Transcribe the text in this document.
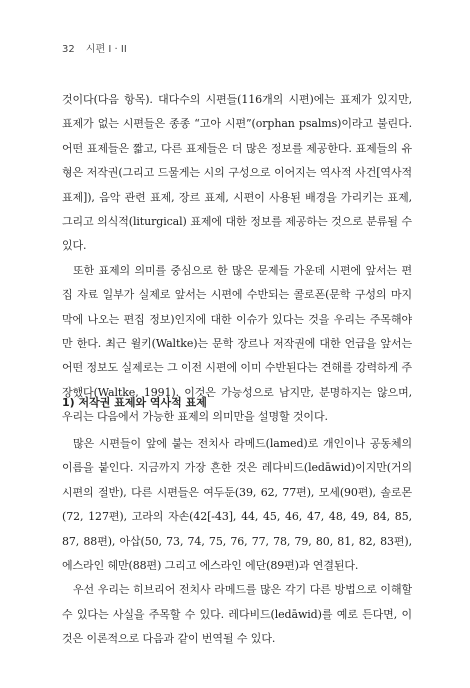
32 시편 I · II

것이다(다음 항목). 대다수의 시편들(116개의 시편)에는 표제가 있지만, 표제가 없는 시편들은 종종 “고아 시편”(orphan psalms)이라고 불린다. 어떤 표제들은 짧고, 다른 표제들은 더 많은 정보를 제공한다. 표제들의 유형은 저작권(그리고 드물게는 시의 구성으로 이어지는 역사적 사건[역사적 표제]), 음악 관련 표제, 장르 표제, 시편이 사용된 배경을 가리키는 표제, 그리고 의식적(liturgical) 표제에 대한 정보를 제공하는 것으로 분류될 수 있다.

또한 표제의 의미를 중심으로 한 많은 문제들 가운데 시편에 앞서는 편집 자료 일부가 실제로 앞서는 시편에 수반되는 콜로폰(문학 구성의 마지막에 나오는 편집 정보)인지에 대한 이슈가 있다는 것을 우리는 주목해야만 한다. 최근 윌키(Waltke)는 문학 장르나 저작권에 대한 언급을 앞서는 어떤 정보도 실제로는 그 이전 시편에 이미 수반된다는 견해를 강력하게 주장했다(Waltke, 1991). 이것은 가능성으로 남지만, 분명하지는 않으며, 우리는 다음에서 가능한 표제의 의미만을 설명할 것이다.

1) 저작권 표제와 역사적 표제

많은 시편들이 앞에 붙는 전치사 라메드(lamed)로 개인이나 공동체의 이름을 붙인다. 지금까지 가장 흔한 것은 레다비드(ledāwid)이지만(거의 시편의 절반), 다른 시편들은 여두둔(39, 62, 77편), 모세(90편), 솔로몬(72, 127편), 고라의 자손(42[-43], 44, 45, 46, 47, 48, 49, 84, 85, 87, 88편), 아삽(50, 73, 74, 75, 76, 77, 78, 79, 80, 81, 82, 83편), 에스라인 헤만(88편) 그리고 에스라인 에단(89편)과 연결된다.

우선 우리는 히브리어 전치사 라메드를 많은 각기 다른 방법으로 이해할 수 있다는 사실을 주목할 수 있다. 레다비드(ledāwid)를 예로 든다면, 이것은 이론적으로 다음과 같이 번역될 수 있다.
